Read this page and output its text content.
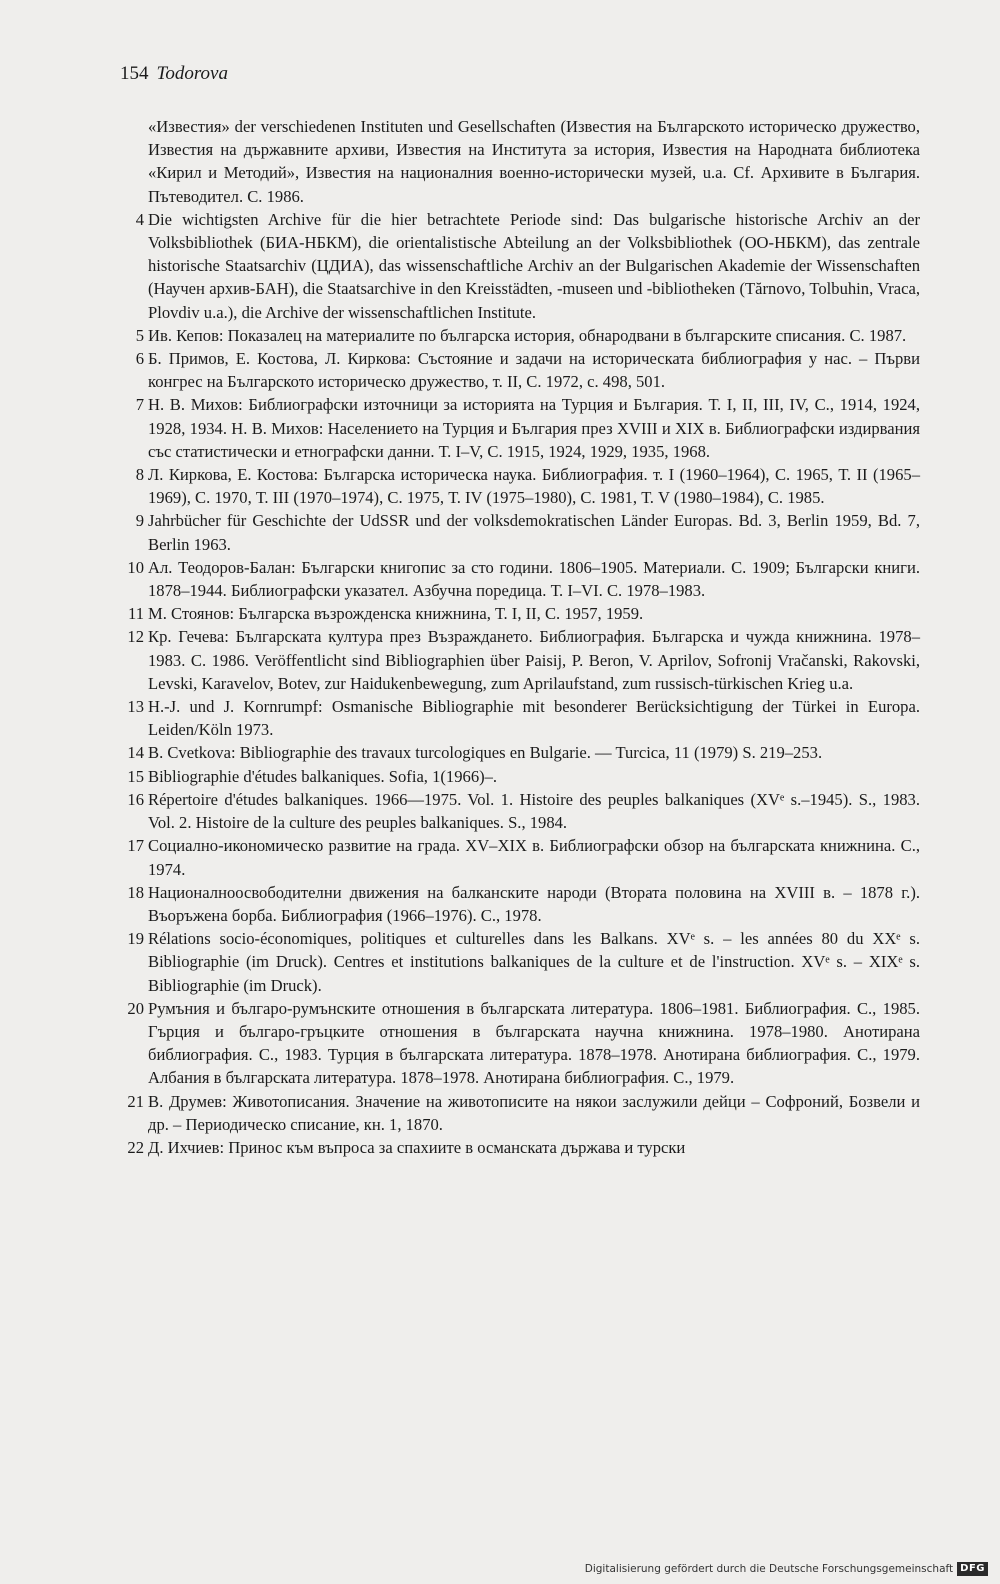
154 Todorova
«Известия» der verschiedenen Instituten und Gesellschaften (Известия на Българското историческо дружество, Известия на държавните архиви, Известия на Института за история, Известия на Народната библиотека «Кирил и Методий», Известия на националния военно-исторически музей, u.a. Cf. Архивите в България. Пътеводител. С. 1986.
4 Die wichtigsten Archive für die hier betrachtete Periode sind: Das bulgarische historische Archiv an der Volksbibliothek (БИА-НБКМ), die orientalistische Abteilung an der Volksbibliothek (ОО-НБКМ), das zentrale historische Staatsarchiv (ЦДИА), das wissenschaftliche Archiv an der Bulgarischen Akademie der Wissenschaften (Научен архив-БАН), die Staatsarchive in den Kreisstädten, -museen und -bibliotheken (Tărnovo, Tolbuhin, Vraca, Plovdiv u.a.), die Archive der wissenschaftlichen Institute.
5 Ив. Кепов: Показалец на материалите по българска история, обнародвани в българските списания. С. 1987.
6 Б. Примов, Е. Костова, Л. Киркова: Състояние и задачи на историческата библиография у нас. – Първи конгрес на Българското историческо дружество, т. II, С. 1972, с. 498, 501.
7 Н. В. Михов: Библиографски източници за историята на Турция и България. Т. I, II, III, IV, С., 1914, 1924, 1928, 1934. Н. В. Михов: Населението на Турция и България през XVIII и XIX в. Библиографски издирвания със статистически и етнографски данни. Т. I–V, С. 1915, 1924, 1929, 1935, 1968.
8 Л. Киркова, Е. Костова: Българска историческа наука. Библиография. т. I (1960–1964), С. 1965, Т. II (1965–1969), С. 1970, Т. III (1970–1974), С. 1975, Т. IV (1975–1980), С. 1981, Т. V (1980–1984), С. 1985.
9 Jahrbücher für Geschichte der UdSSR und der volksdemokratischen Länder Europas. Bd. 3, Berlin 1959, Bd. 7, Berlin 1963.
10 Ал. Теодоров-Балан: Български книгопис за сто години. 1806–1905. Материали. С. 1909; Български книги. 1878–1944. Библиографски указател. Азбучна поредица. Т. I–VI. С. 1978–1983.
11 М. Стоянов: Българска възрожденска книжнина, Т. I, II, С. 1957, 1959.
12 Кр. Гечева: Българската култура през Възраждането. Библиография. Българска и чужда книжнина. 1978–1983. С. 1986. Veröffentlicht sind Bibliographien über Paisij, P. Beron, V. Aprilov, Sofronij Vračanski, Rakovski, Levski, Karavelov, Botev, zur Haidukenbewegung, zum Aprilaufstand, zum russisch-türkischen Krieg u.a.
13 H.-J. und J. Kornrumpf: Osmanische Bibliographie mit besonderer Berücksichtigung der Türkei in Europa. Leiden/Köln 1973.
14 B. Cvetkova: Bibliographie des travaux turcologiques en Bulgarie. — Turcica, 11 (1979) S. 219–253.
15 Bibliographie d'études balkaniques. Sofia, 1(1966)–.
16 Répertoire d'études balkaniques. 1966—1975. Vol. 1. Histoire des peuples balkaniques (XVᵉ s.–1945). S., 1983. Vol. 2. Histoire de la culture des peuples balkaniques. S., 1984.
17 Социално-икономическо развитие на града. XV–XIX в. Библиографски обзор на българската книжнина. С., 1974.
18 Националноосвободителни движения на балканските народи (Втората половина на XVIII в. – 1878 г.). Въоръжена борба. Библиография (1966–1976). С., 1978.
19 Rélations socio-économiques, politiques et culturelles dans les Balkans. XVᵉ s. – les années 80 du XXᵉ s. Bibliographie (im Druck). Centres et institutions balkaniques de la culture et de l'instruction. XVᵉ s. – XIXᵉ s. Bibliographie (im Druck).
20 Румъния и българо-румънските отношения в българската литература. 1806–1981. Библиография. С., 1985. Гърция и българо-гръцките отношения в българската научна книжнина. 1978–1980. Анотирана библиография. С., 1983. Турция в българската литература. 1878–1978. Анотирана библиография. С., 1979. Албания в българската литература. 1878–1978. Анотирана библиография. С., 1979.
21 В. Друмев: Животописания. Значение на животописите на някои заслужили дейци – Софроний, Бозвели и др. – Периодическо списание, кн. 1, 1870.
22 Д. Ихчиев: Принос към въпроса за спахиите в османската държава и турски
Digitalisierung gefördert durch die Deutsche Forschungsgemeinschaft DFG
